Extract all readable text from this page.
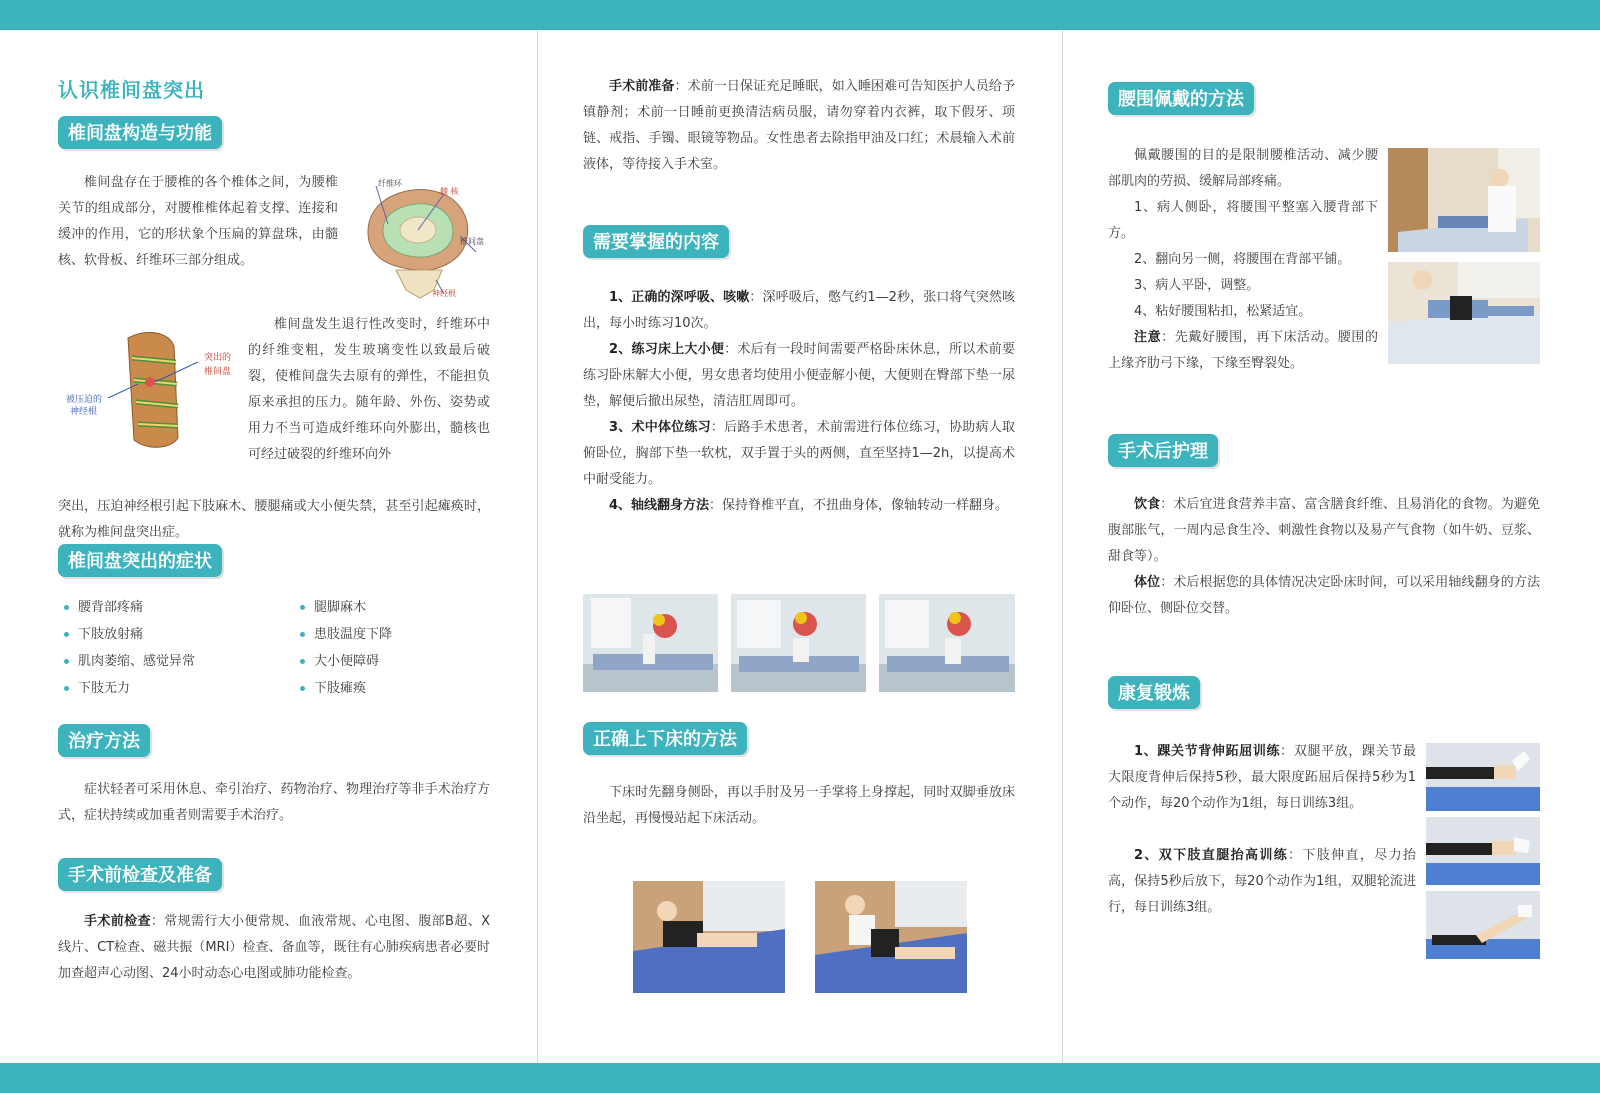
认识椎间盘突出
椎间盘构造与功能
椎间盘存在于腰椎的各个椎体之间，为腰椎关节的组成部分，对腰椎椎体起着支撑、连接和缓冲的作用，它的形状象个压扁的算盘珠，由髓核、软骨板、纤维环三部分组成。
纤维环
髓 核
椎间盘
神经根
突出的
椎间盘
被压迫的
神经根
椎间盘发生退行性改变时，纤维环中的纤维变粗，发生玻璃变性以致最后破裂，使椎间盘失去原有的弹性，不能担负原来承担的压力。随年龄、外伤、姿势或用力不当可造成纤维环向外膨出，髓核也可经过破裂的纤维环向外
突出，压迫神经根引起下肢麻木、腰腿痛或大小便失禁，甚至引起瘫痪时，就称为椎间盘突出症。
椎间盘突出的症状
腰背部疼痛
下肢放射痛
肌肉萎缩、感觉异常
下肢无力
腿脚麻木
患肢温度下降
大小便障碍
下肢瘫痪
治疗方法
症状轻者可采用休息、牵引治疗、药物治疗、物理治疗等非手术治疗方式，症状持续或加重者则需要手术治疗。
手术前检查及准备
手术前检查：常规需行大小便常规、血液常规、心电图、腹部B超、X线片、CT检查、磁共振（MRI）检查、备血等，既往有心肺疾病患者必要时加查超声心动图、24小时动态心电图或肺功能检查。
手术前准备：术前一日保证充足睡眠，如入睡困难可告知医护人员给予镇静剂；术前一日睡前更换清洁病员服，请勿穿着内衣裤，取下假牙、项链、戒指、手镯、眼镜等物品。女性患者去除指甲油及口红；术晨输入术前液体，等待接入手术室。
需要掌握的内容
1、正确的深呼吸、咳嗽：深呼吸后，憋气约1—2秒，张口将气突然咳出，每小时练习10次。
2、练习床上大小便：术后有一段时间需要严格卧床休息，所以术前要练习卧床解大小便，男女患者均使用小便壶解小便，大便则在臀部下垫一尿垫，解便后撤出尿垫，清洁肛周即可。
3、术中体位练习：后路手术患者，术前需进行体位练习，协助病人取俯卧位，胸部下垫一软枕，双手置于头的两侧，直至坚持1—2h，以提高术中耐受能力。
4、轴线翻身方法：保持脊椎平直，不扭曲身体，像轴转动一样翻身。
正确上下床的方法
下床时先翻身侧卧，再以手肘及另一手掌将上身撑起，同时双脚垂放床沿坐起，再慢慢站起下床活动。
腰围佩戴的方法
佩戴腰围的目的是限制腰椎活动、减少腰部肌肉的劳损、缓解局部疼痛。
1、病人侧卧，将腰围平整塞入腰背部下方。
2、翻向另一侧，将腰围在背部平铺。
3、病人平卧，调整。
4、粘好腰围粘扣，松紧适宜。
注意：先戴好腰围，再下床活动。腰围的上缘齐肋弓下缘，下缘至臀裂处。
手术后护理
饮食：术后宜进食营养丰富、富含膳食纤维、且易消化的食物。为避免腹部胀气，一周内忌食生冷、刺激性食物以及易产气食物（如牛奶、豆浆、甜食等）。
体位：术后根据您的具体情况决定卧床时间，可以采用轴线翻身的方法仰卧位、侧卧位交替。
康复锻炼
1、踝关节背伸跖屈训练：双腿平放，踝关节最大限度背伸后保持5秒，最大限度跖屈后保持5秒为1个动作，每20个动作为1组，每日训练3组。
2、双下肢直腿抬高训练：下肢伸直，尽力抬高，保持5秒后放下，每20个动作为1组，双腿轮流进行，每日训练3组。
